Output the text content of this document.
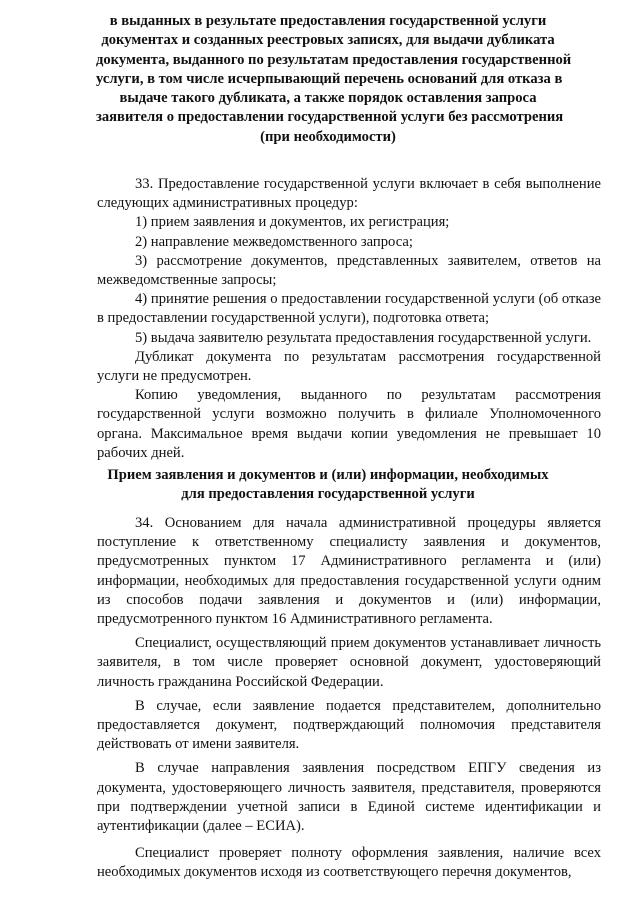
в выданных в результате предоставления государственной услуги
документах и созданных реестровых записях, для выдачи дубликата
документа, выданного по результатам предоставления государственной
услуги, в том числе исчерпывающий перечень оснований для отказа в
выдаче такого дубликата, а также порядок оставления запроса
заявителя о предоставлении государственной услуги без рассмотрения
(при необходимости)
33. Предоставление государственной услуги включает в себя выполнение следующих административных процедур:
1) прием заявления и документов, их регистрация;
2) направление межведомственного запроса;
3) рассмотрение документов, представленных заявителем, ответов на межведомственные запросы;
4) принятие решения о предоставлении государственной услуги (об отказе в предоставлении государственной услуги), подготовка ответа;
5) выдача заявителю результата предоставления государственной услуги.
Дубликат документа по результатам рассмотрения государственной услуги не предусмотрен.
Копию уведомления, выданного по результатам рассмотрения государственной услуги возможно получить в филиале Уполномоченного органа. Максимальное время выдачи копии уведомления не превышает 10 рабочих дней.
Прием заявления и документов и (или) информации, необходимых
для предоставления государственной услуги
34. Основанием для начала административной процедуры является поступление к ответственному специалисту заявления и документов, предусмотренных пунктом 17 Административного регламента и (или) информации, необходимых для предоставления государственной услуги одним из способов подачи заявления и документов и (или) информации, предусмотренного пунктом 16 Административного регламента.
Специалист, осуществляющий прием документов устанавливает личность заявителя, в том числе проверяет основной документ, удостоверяющий личность гражданина Российской Федерации.
В случае, если заявление подается представителем, дополнительно предоставляется документ, подтверждающий полномочия представителя действовать от имени заявителя.
В случае направления заявления посредством ЕПГУ сведения из документа, удостоверяющего личность заявителя, представителя, проверяются при подтверждении учетной записи в Единой системе идентификации и аутентификации (далее – ЕСИА).
Специалист проверяет полноту оформления заявления, наличие всех необходимых документов исходя из соответствующего перечня документов,
